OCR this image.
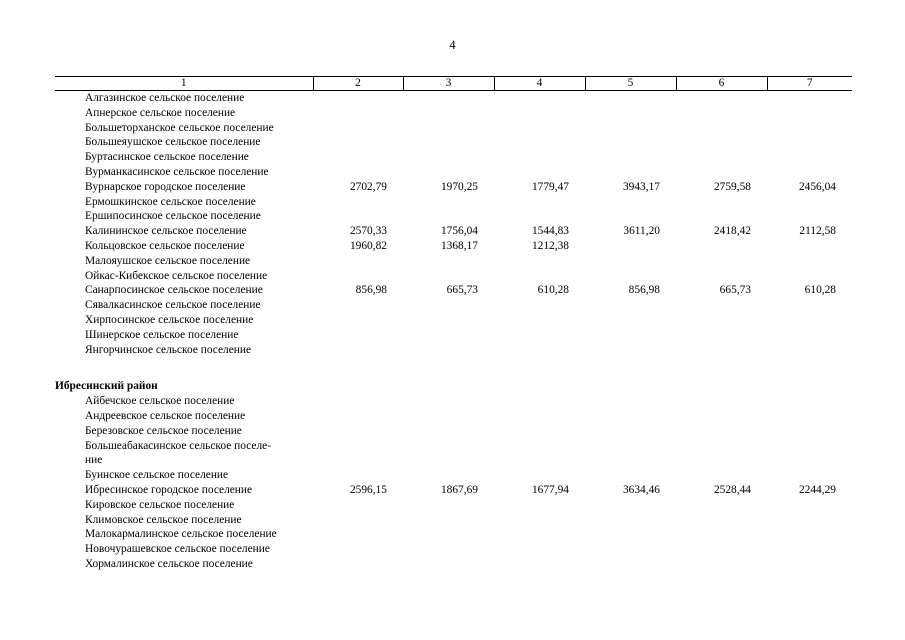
4
1	2	3	4	5	6	7
Алгазинское сельское поселение						
Апнерское сельское поселение						
Большеторханское сельское поселение						
Большеяушское сельское поселение						
Буртасинское сельское поселение						
Вурманкасинское сельское поселение						
Вурнарское городское поселение	2702,79	1970,25	1779,47	3943,17	2759,58	2456,04
Ермошкинское сельское поселение						
Ершипосинское сельское поселение						
Калининское сельское поселение	2570,33	1756,04	1544,83	3611,20	2418,42	2112,58
Кольцовское сельское поселение	1960,82	1368,17	1212,38			
Малояушское сельское поселение						
Ойкас-Кибекское сельское поселение						
Санарпосинское сельское поселение	856,98	665,73	610,28	856,98	665,73	610,28
Сявалкасинское сельское поселение						
Хирпосинское сельское поселение						
Шинерское сельское поселение						
Янгорчинское сельское поселение						

Ибресинский район						
Айбечское сельское поселение						
Андреевское сельское поселение						
Березовское сельское поселение						
Большеабакасинское сельское поселе-						
ние						
Буинское сельское поселение						
Ибресинское городское поселение	2596,15	1867,69	1677,94	3634,46	2528,44	2244,29
Кировское сельское поселение						
Климовское сельское поселение						
Малокармалинское сельское поселение						
Новочурашевское сельское поселение						
Хормалинское сельское поселение						
